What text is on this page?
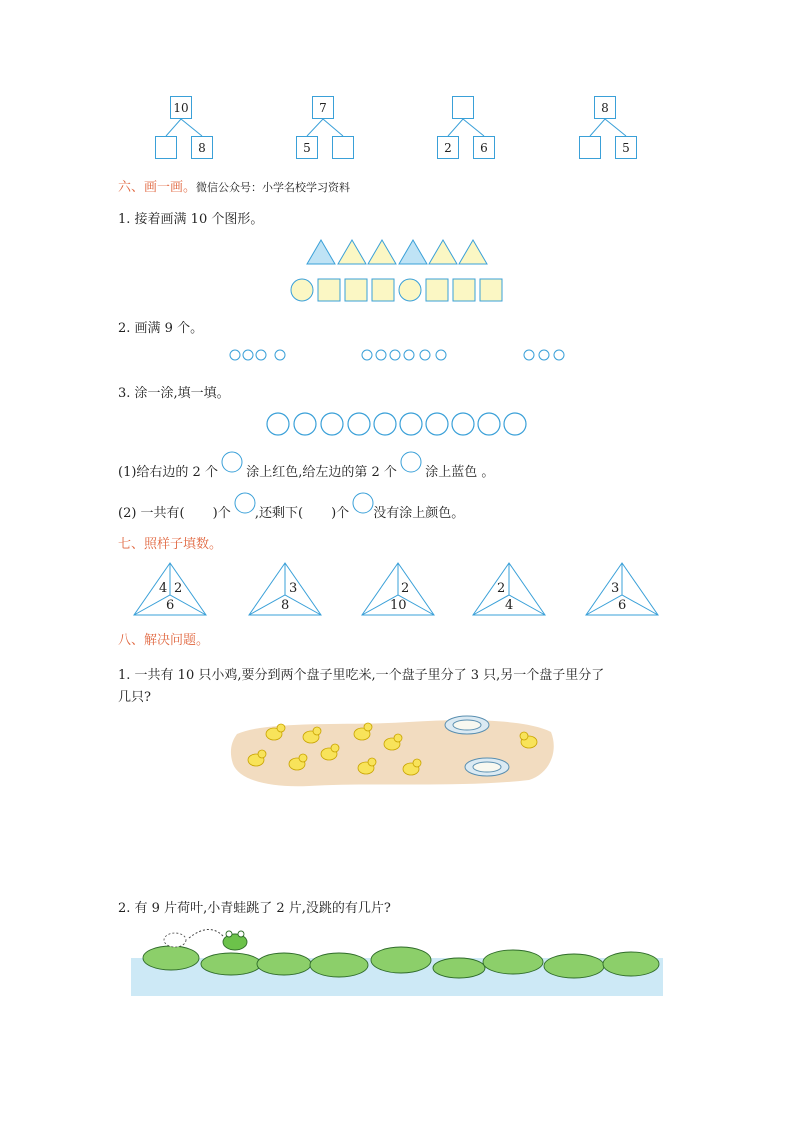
10
8
7
5	2	6
8
5
六、画一画。微信公众号：小学名校学习资料
1. 接着画满 10 个图形。
2. 画满 9 个。
3. 涂一涂,填一填。
(1)给右边的 2 个 涂上红色,给左边的第 2 个 涂上蓝色 。
(2) 一共有( )个 ,还剩下( )个 没有涂上颜色。
七、照样子填数。
4 2
6
3
8
2
10
2
4
3
6
八、解决问题。
1. 一共有 10 只小鸡,要分到两个盘子里吃米,一个盘子里分了 3 只,另一个盘子里分了
几只?
2. 有 9 片荷叶,小青蛙跳了 2 片,没跳的有几片?
